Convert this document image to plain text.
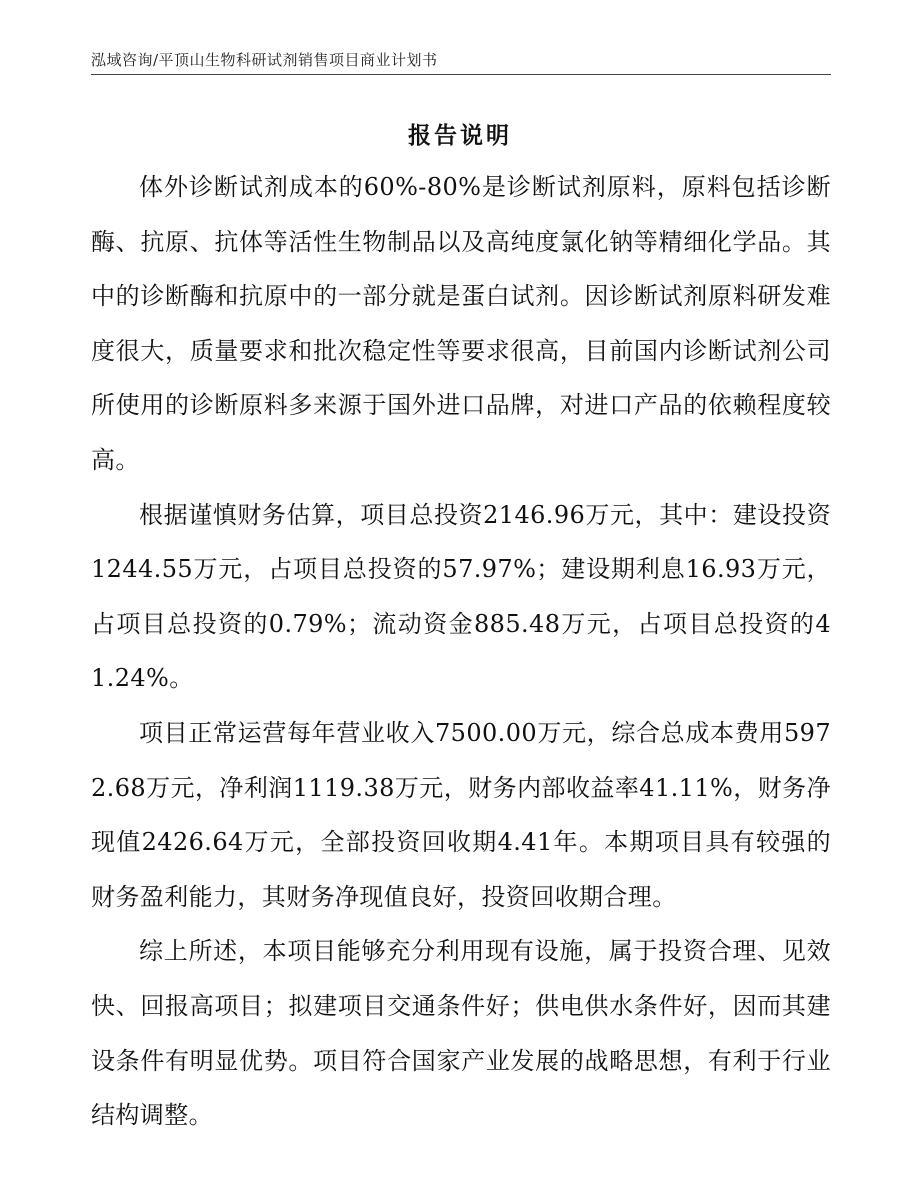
泓域咨询/平顶山生物科研试剂销售项目商业计划书
报告说明

体外诊断试剂成本的60%-80%是诊断试剂原料，原料包括诊断酶、抗原、抗体等活性生物制品以及高纯度氯化钠等精细化学品。其中的诊断酶和抗原中的一部分就是蛋白试剂。因诊断试剂原料研发难度很大，质量要求和批次稳定性等要求很高，目前国内诊断试剂公司所使用的诊断原料多来源于国外进口品牌，对进口产品的依赖程度较高。

根据谨慎财务估算，项目总投资2146.96万元，其中：建设投资1244.55万元，占项目总投资的57.97%；建设期利息16.93万元，占项目总投资的0.79%；流动资金885.48万元，占项目总投资的41.24%。

项目正常运营每年营业收入7500.00万元，综合总成本费用5972.68万元，净利润1119.38万元，财务内部收益率41.11%，财务净现值2426.64万元，全部投资回收期4.41年。本期项目具有较强的财务盈利能力，其财务净现值良好，投资回收期合理。

综上所述，本项目能够充分利用现有设施，属于投资合理、见效快、回报高项目；拟建项目交通条件好；供电供水条件好，因而其建设条件有明显优势。项目符合国家产业发展的战略思想，有利于行业结构调整。
